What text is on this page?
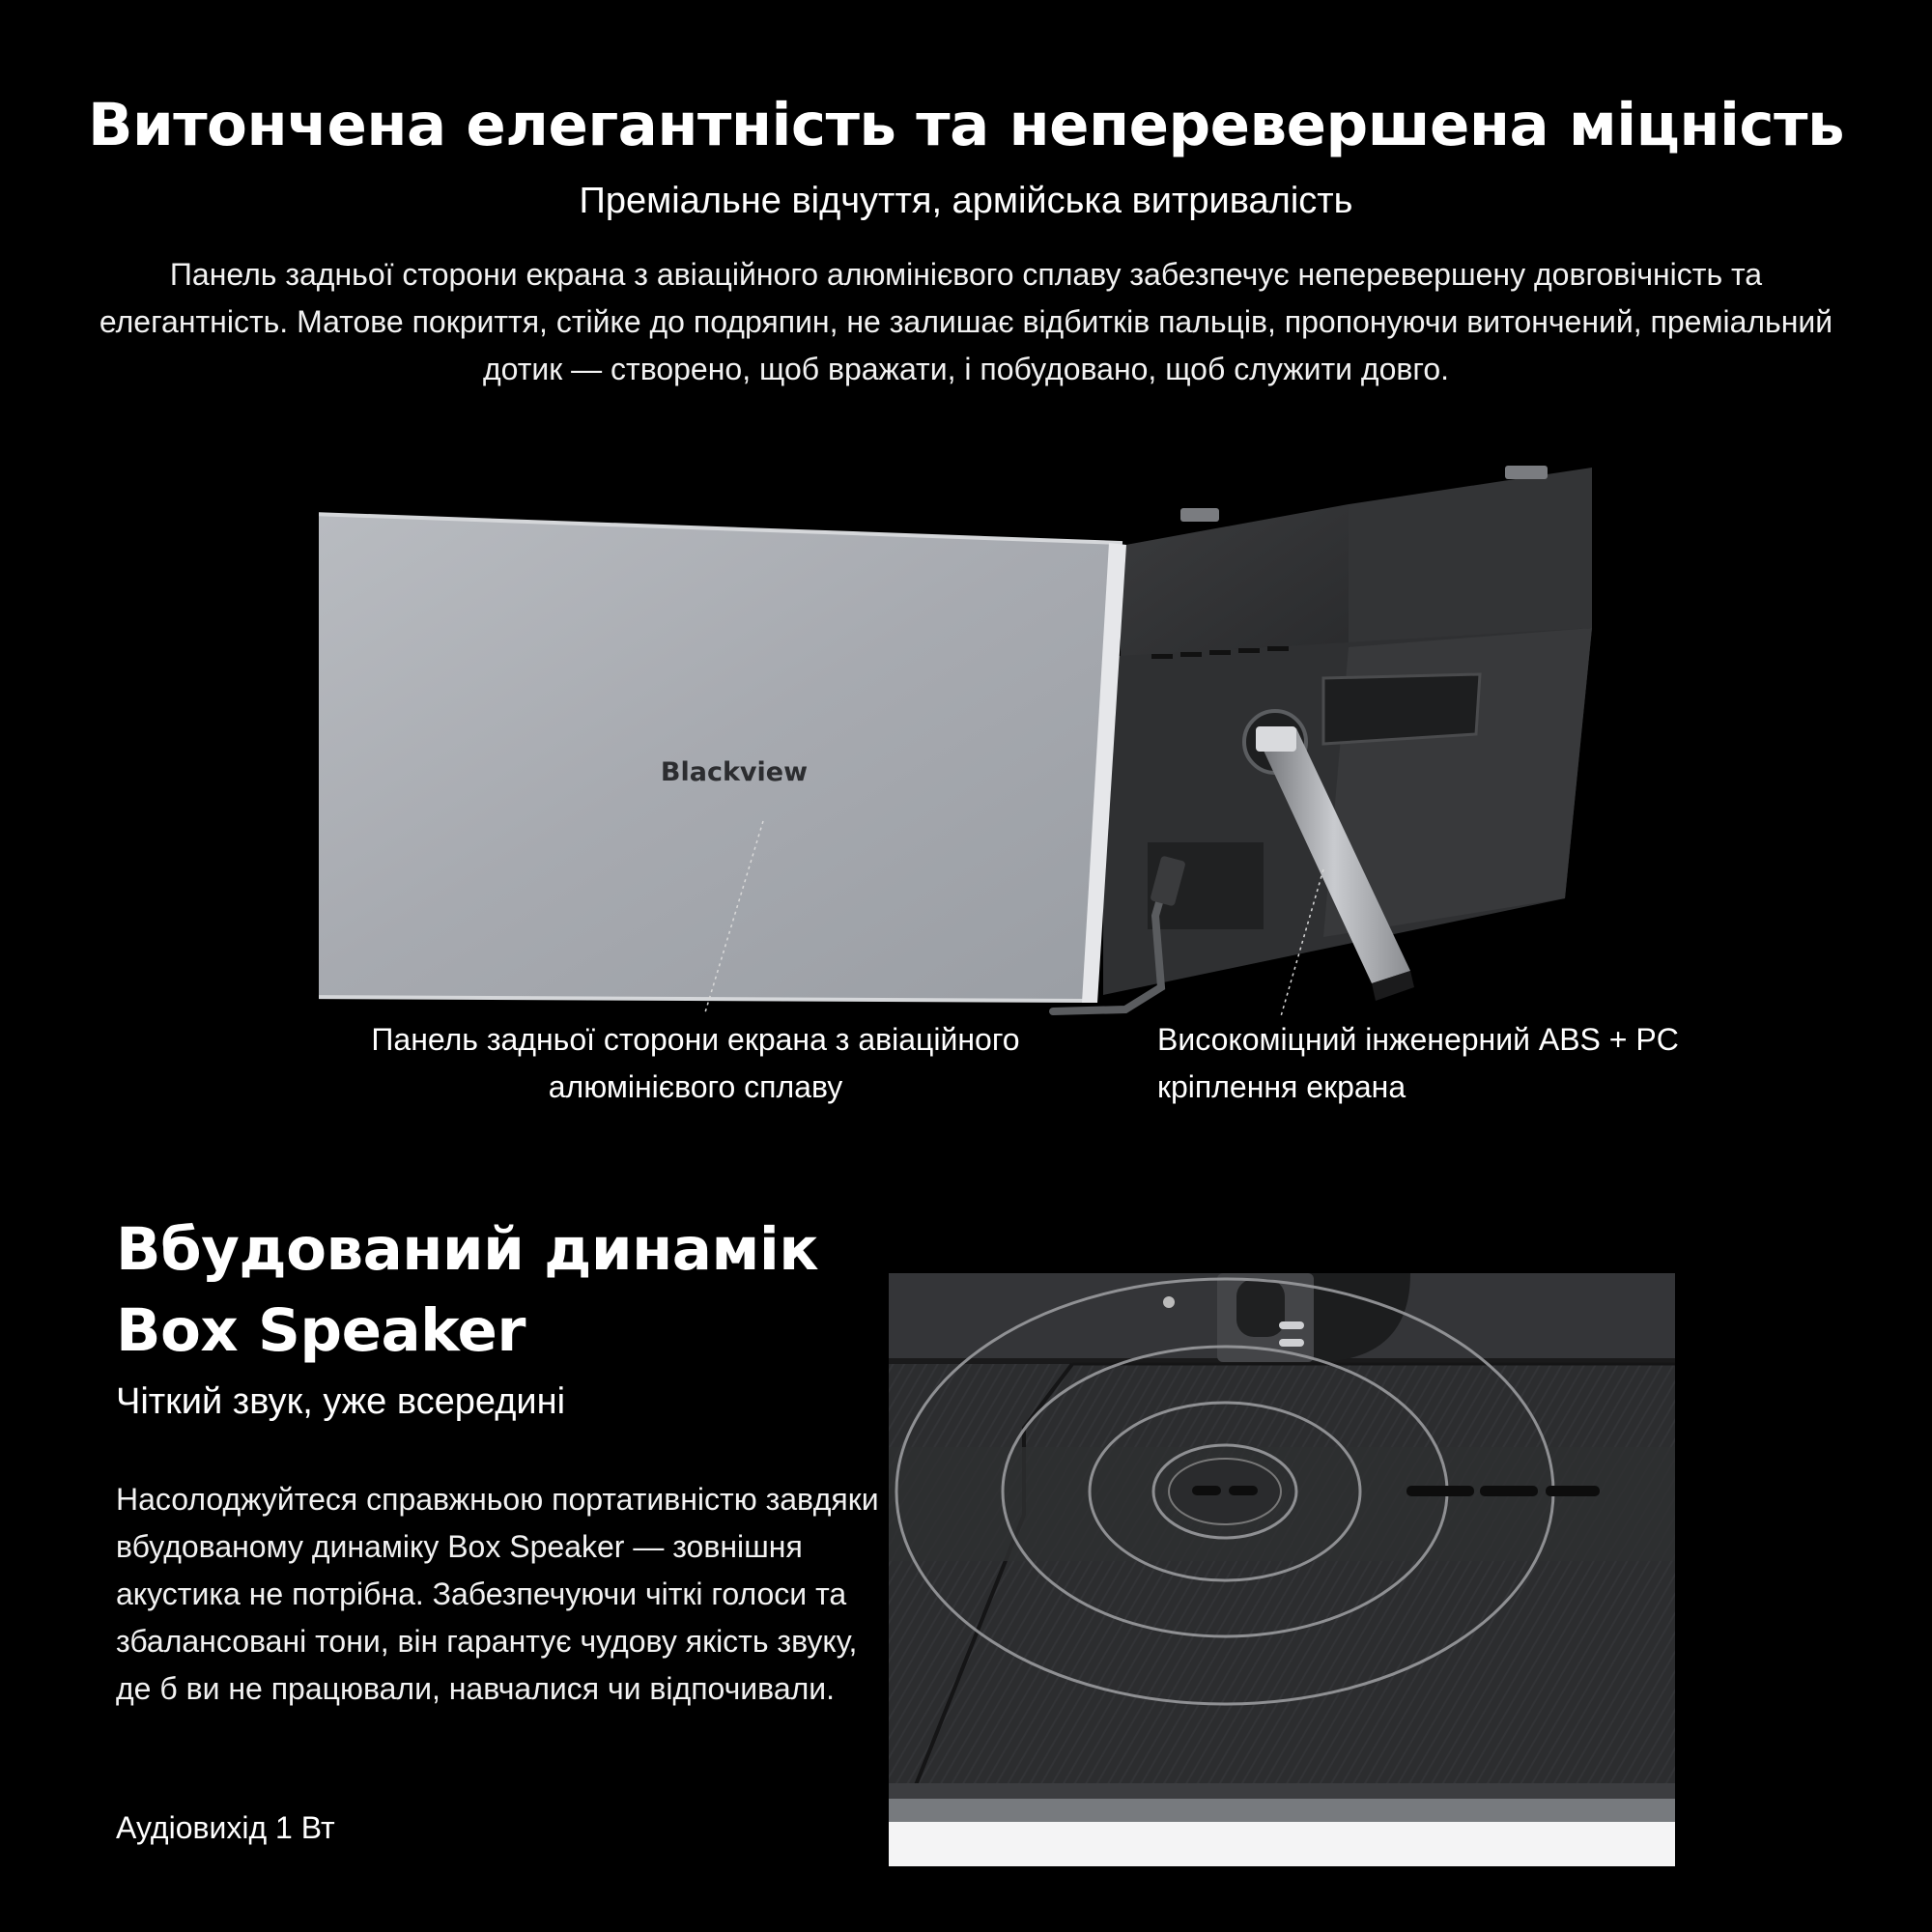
Витончена елегантність та неперевершена міцність
Преміальне відчуття, армійська витривалість
Панель задньої сторони екрана з авіаційного алюмінієвого сплаву забезпечує неперевершену довговічність та елегантність. Матове покриття, стійке до подряпин, не залишає відбитків пальців, пропонуючи витончений, преміальний дотик — створено, щоб вражати, і побудовано, щоб служити довго.
Blackview
Панель задньої сторони екрана з авіаційного алюмінієвого сплаву
Високоміцний інженерний ABS + PC кріплення екрана
Вбудований динамік Box Speaker
Чіткий звук, уже всередині
Насолоджуйтеся справжньою портативністю завдяки вбудованому динаміку Box Speaker — зовнішня акустика не потрібна. Забезпечуючи чіткі голоси та збалансовані тони, він гарантує чудову якість звуку, де б ви не працювали, навчалися чи відпочивали.
Аудіовихід 1 Вт
